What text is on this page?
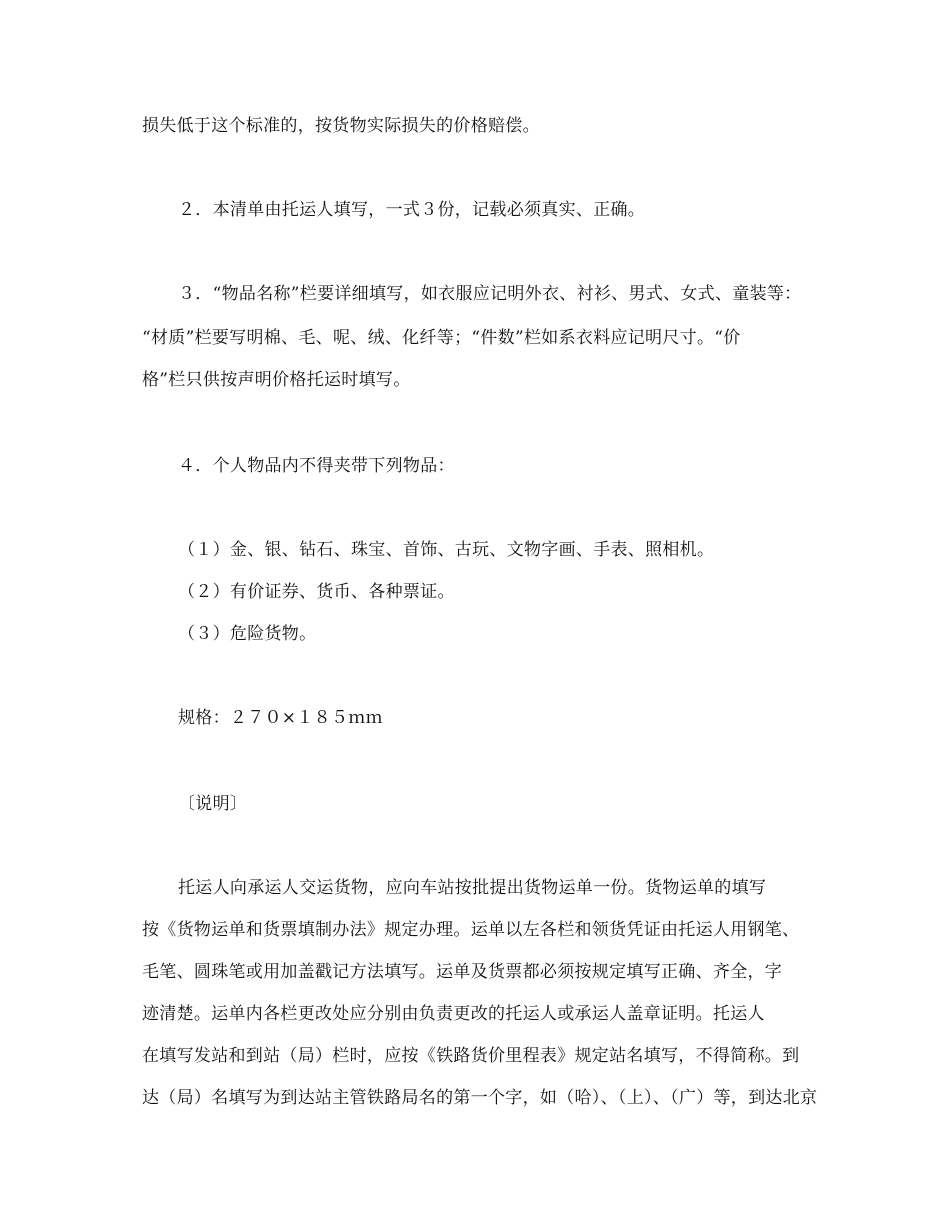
损失低于这个标准的，按货物实际损失的价格赔偿。
２．本清单由托运人填写，一式３份，记载必须真实、正确。
３．“物品名称”栏要详细填写，如衣服应记明外衣、衬衫、男式、女式、童装等：
“材质”栏要写明棉、毛、呢、绒、化纤等；“件数”栏如系衣料应记明尺寸。“价
格”栏只供按声明价格托运时填写。
４．个人物品内不得夹带下列物品：
（１）金、银、钻石、珠宝、首饰、古玩、文物字画、手表、照相机。
（２）有价证券、货币、各种票证。
（３）危险货物。
规格：２７０×１８５ｍｍ
〔说明〕
托运人向承运人交运货物，应向车站按批提出货物运单一份。货物运单的填写
按《货物运单和货票填制办法》规定办理。运单以左各栏和领货凭证由托运人用钢笔、
毛笔、圆珠笔或用加盖戳记方法填写。运单及货票都必须按规定填写正确、齐全，字
迹清楚。运单内各栏更改处应分别由负责更改的托运人或承运人盖章证明。托运人
在填写发站和到站（局）栏时，应按《铁路货价里程表》规定站名填写，不得简称。到
达（局）名填写为到达站主管铁路局名的第一个字，如（哈）、（上）、（广）等，到达北京
